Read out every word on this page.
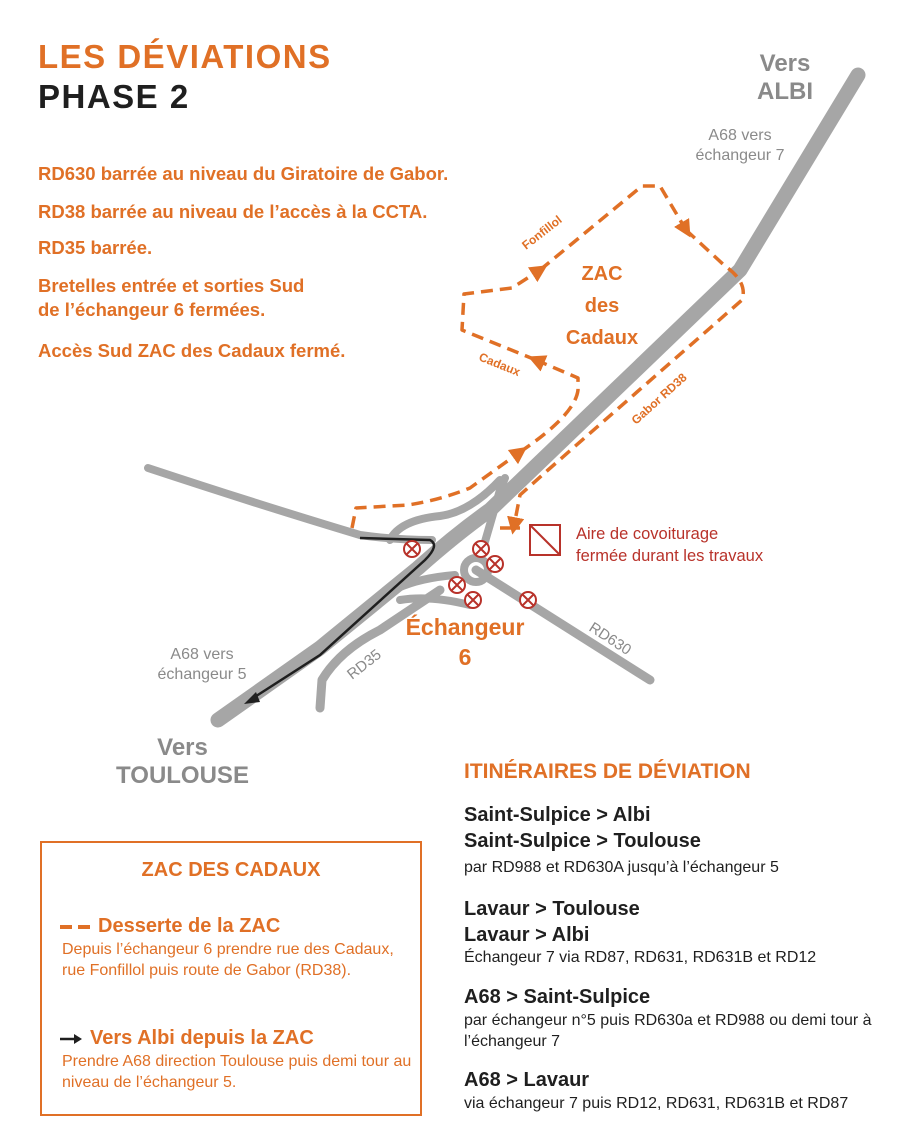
LES DÉVIATIONS
PHASE 2
RD630 barrée au niveau du Giratoire de Gabor.
RD38 barrée au niveau de l’accès à la CCTA.
RD35 barrée.
Bretelles entrée et sorties Sud
de l’échangeur 6 fermées.
Accès Sud ZAC des Cadaux fermé.
Fonfillol
Cadaux
Gabor RD38
RD35
RD630
Vers
ALBI
A68 vers
échangeur 7
A68 vers
échangeur 5
Vers
TOULOUSE
ZAC
des
Cadaux
Échangeur
6
Aire de covoiturage
fermée durant les travaux
ITINÉRAIRES DE DÉVIATION
Saint-Sulpice > Albi
Saint-Sulpice > Toulouse
par RD988 et RD630A jusqu’à l’échangeur 5
Lavaur > Toulouse
Lavaur > Albi
Échangeur 7 via RD87, RD631, RD631B et RD12
A68 > Saint-Sulpice
par échangeur n°5 puis RD630a et RD988 ou demi tour à l’échangeur 7
A68 > Lavaur
via échangeur 7 puis RD12, RD631, RD631B et RD87
ZAC DES CADAUX
Desserte de la ZAC
Depuis l’échangeur 6 prendre rue des Cadaux, rue Fonfillol puis route de Gabor (RD38).
Vers Albi depuis la ZAC
Prendre A68 direction Toulouse puis demi tour au niveau de l’échangeur 5.
